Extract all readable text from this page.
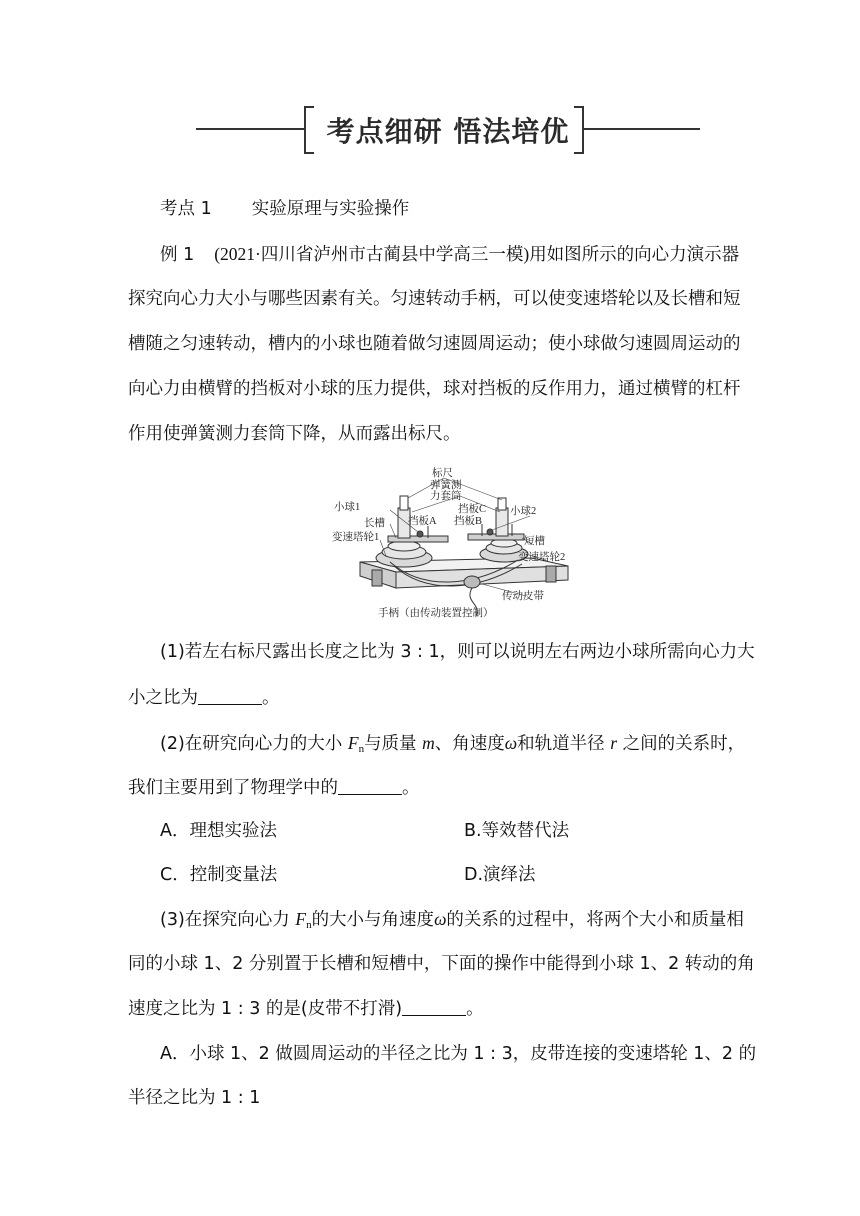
考点细研 悟法培优
考点 1 实验原理与实验操作
例 1 (2021·四川省泸州市古蔺县中学高三一模)用如图所示的向心力演示器
探究向心力大小与哪些因素有关。匀速转动手柄，可以使变速塔轮以及长槽和短
槽随之匀速转动，槽内的小球也随着做匀速圆周运动；使小球做匀速圆周运动的
向心力由横臂的挡板对小球的压力提供，球对挡板的反作用力，通过横臂的杠杆
作用使弹簧测力套筒下降，从而露出标尺。
标尺
弹簧测
力套筒
小球1	挡板C 小球2
长槽 挡板A 挡板B
变速塔轮1	短槽
变速塔轮2
传动皮带
手柄（由传动装置控制）
(1)若左右标尺露出长度之比为 3 : 1，则可以说明左右两边小球所需向心力大
小之比为	。
(2)在研究向心力的大小 $F_n$与质量 m、角速度ω和轨道半径 r 之间的关系时，
我们主要用到了物理学中的	。
A．理想实验法	B.等效替代法
C．控制变量法	D.演绎法
(3)在探究向心力 $F_n$的大小与角速度ω的关系的过程中，将两个大小和质量相
同的小球 1、2 分别置于长槽和短槽中，下面的操作中能得到小球 1、2 转动的角
速度之比为 1 : 3 的是(皮带不打滑)	。
A．小球 1、2 做圆周运动的半径之比为 1 : 3，皮带连接的变速塔轮 1、2 的
半径之比为 1 : 1
